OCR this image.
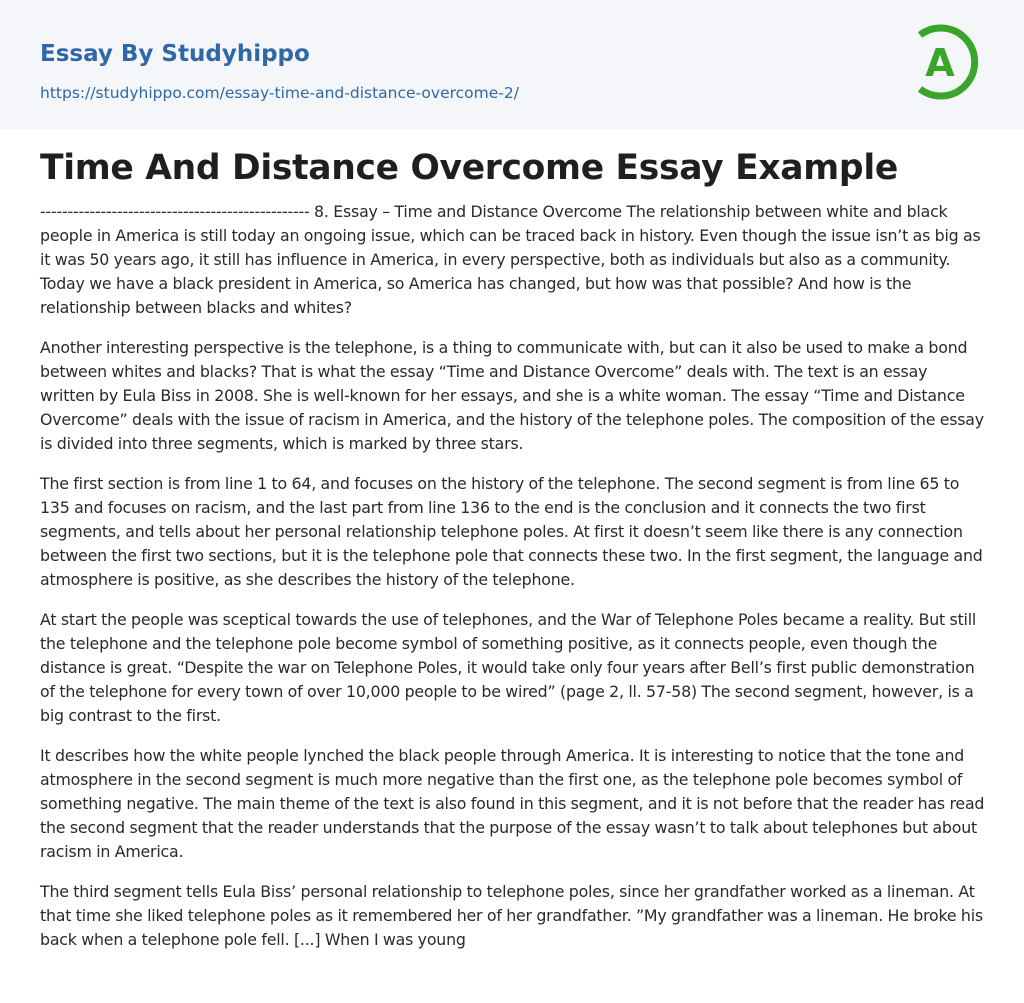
Essay By Studyhippo
https://studyhippo.com/essay-time-and-distance-overcome-2/
A
Time And Distance Overcome Essay Example

------------------------------------------------- 8. Essay – Time and Distance Overcome The relationship between white and black people in America is still today an ongoing issue, which can be traced back in history. Even though the issue isn’t as big as it was 50 years ago, it still has influence in America, in every perspective, both as individuals but also as a community. Today we have a black president in America, so America has changed, but how was that possible? And how is the relationship between blacks and whites?

Another interesting perspective is the telephone, is a thing to communicate with, but can it also be used to make a bond between whites and blacks? That is what the essay “Time and Distance Overcome” deals with. The text is an essay written by Eula Biss in 2008. She is well-known for her essays, and she is a white woman. The essay “Time and Distance Overcome” deals with the issue of racism in America, and the history of the telephone poles. The composition of the essay is divided into three segments, which is marked by three stars.

The first section is from line 1 to 64, and focuses on the history of the telephone. The second segment is from line 65 to 135 and focuses on racism, and the last part from line 136 to the end is the conclusion and it connects the two first segments, and tells about her personal relationship telephone poles. At first it doesn’t seem like there is any connection between the first two sections, but it is the telephone pole that connects these two. In the first segment, the language and atmosphere is positive, as she describes the history of the telephone.

At start the people was sceptical towards the use of telephones, and the War of Telephone Poles became a reality. But still the telephone and the telephone pole become symbol of something positive, as it connects people, even though the distance is great. “Despite the war on Telephone Poles, it would take only four years after Bell’s first public demonstration of the telephone for every town of over 10,000 people to be wired” (page 2, ll. 57-58) The second segment, however, is a big contrast to the first.

It describes how the white people lynched the black people through America. It is interesting to notice that the tone and atmosphere in the second segment is much more negative than the first one, as the telephone pole becomes symbol of something negative. The main theme of the text is also found in this segment, and it is not before that the reader has read the second segment that the reader understands that the purpose of the essay wasn’t to talk about telephones but about racism in America.

The third segment tells Eula Biss’ personal relationship to telephone poles, since her grandfather worked as a lineman. At that time she liked telephone poles as it remembered her of her grandfather. ”My grandfather was a lineman. He broke his back when a telephone pole fell. [...] When I was young
